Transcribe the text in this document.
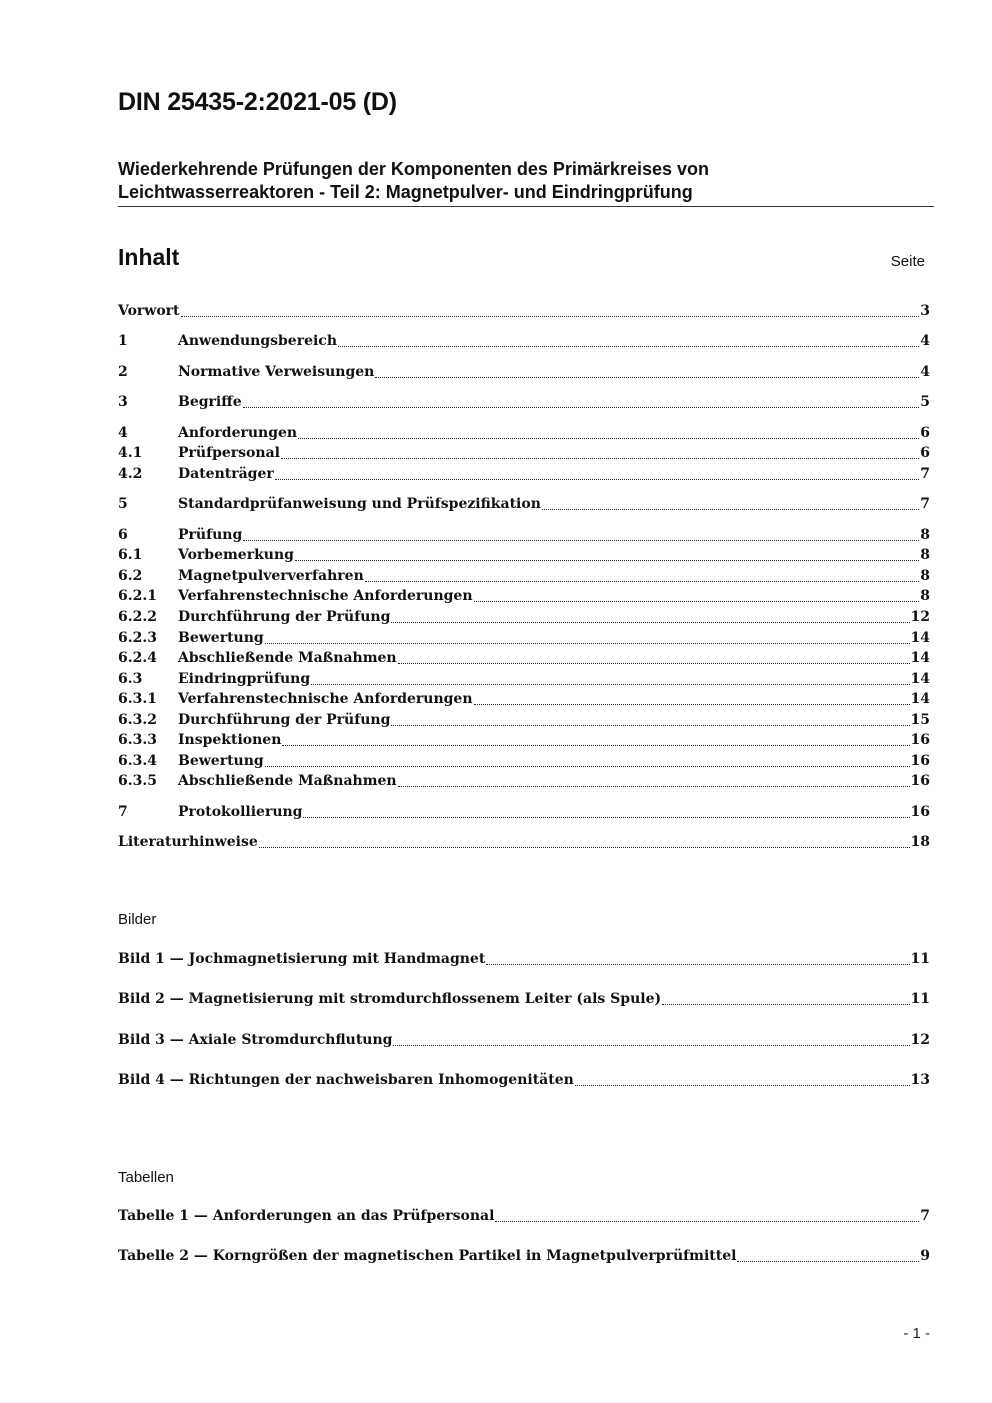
DIN 25435-2:2021-05 (D)
Wiederkehrende Prüfungen der Komponenten des Primärkreises von
Leichtwasserreaktoren - Teil 2: Magnetpulver- und Eindringprüfung
Inhalt	Seite
Vorwort	3
1	Anwendungsbereich	4
2	Normative Verweisungen	4
3	Begriffe	5
4	Anforderungen	6
4.1	Prüfpersonal	6
4.2	Datenträger	7
5	Standardprüfanweisung und Prüfspezifikation	7
6	Prüfung	8
6.1	Vorbemerkung	8
6.2	Magnetpulververfahren	8
6.2.1	Verfahrenstechnische Anforderungen	8
6.2.2	Durchführung der Prüfung	12
6.2.3	Bewertung	14
6.2.4	Abschließende Maßnahmen	14
6.3	Eindringprüfung	14
6.3.1	Verfahrenstechnische Anforderungen	14
6.3.2	Durchführung der Prüfung	15
6.3.3	Inspektionen	16
6.3.4	Bewertung	16
6.3.5	Abschließende Maßnahmen	16
7	Protokollierung	16
Literaturhinweise	18
Bilder
Bild 1 — Jochmagnetisierung mit Handmagnet	11
Bild 2 — Magnetisierung mit stromdurchflossenem Leiter (als Spule)	11
Bild 3 — Axiale Stromdurchflutung	12
Bild 4 — Richtungen der nachweisbaren Inhomogenitäten	13
Tabellen
Tabelle 1 — Anforderungen an das Prüfpersonal	7
Tabelle 2 — Korngrößen der magnetischen Partikel in Magnetpulverprüfmittel	9
- 1 -
